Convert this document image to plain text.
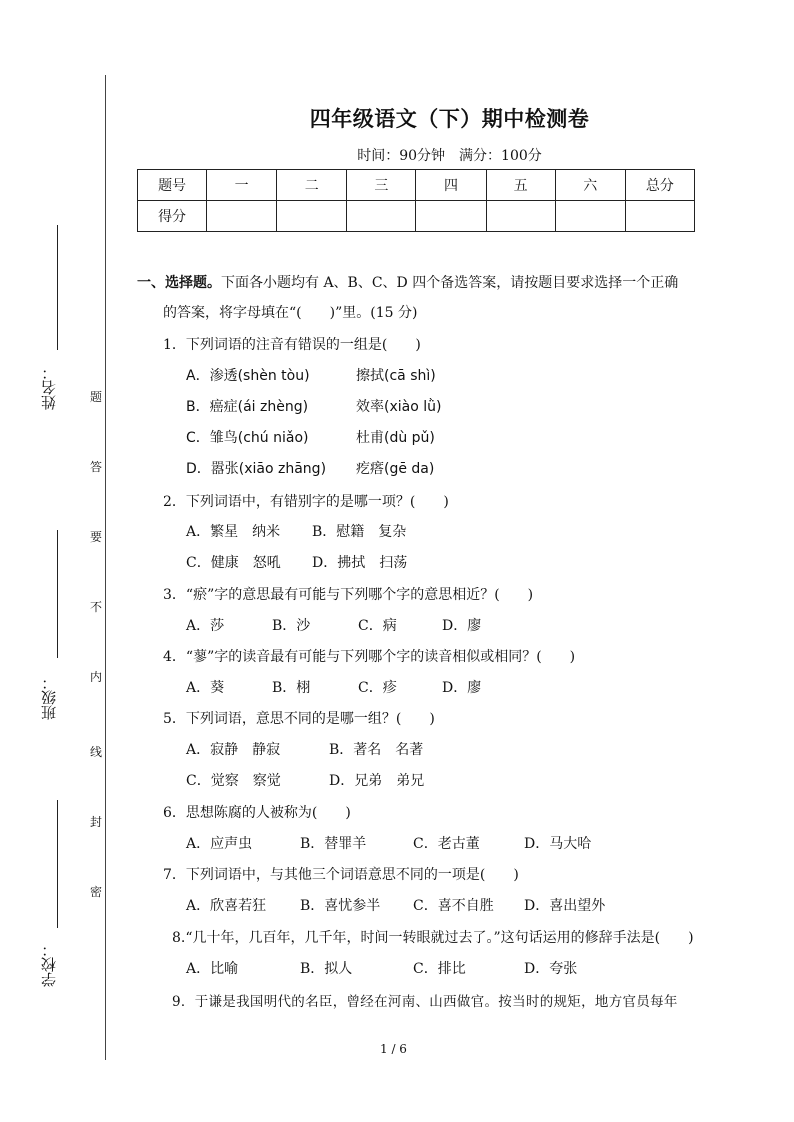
姓名：
班级：
学校：
题
答
要
不
内
线
封
密
四年级语文（下）期中检测卷
时间：90分钟　满分：100分
题号	一	二	三	四	五	六	总分
得分							
一、选择题。下面各小题均有 A、B、C、D 四个备选答案，请按题目要求选择一个正确
的答案，将字母填在“(　　)”里。(15 分)
1．下列词语的注音有错误的一组是(　　)
A．渗透(shèn tòu)	擦拭(cā shì)
B．癌症(ái zhèng)	效率(xiào lǜ)
C．雏鸟(chú niǎo)	杜甫(dù pǔ)
D．嚣张(xiāo zhāng) 疙瘩(gē da)
2．下列词语中，有错别字的是哪一项？(　　)
A．繁星　纳米 B．慰籍　复杂
C．健康　怒吼 D．拂拭　扫荡
3．“瘀”字的意思最有可能与下列哪个字的意思相近？(　　)
A．莎	B．沙	C．病	D．廖
4．“蓼”字的读音最有可能与下列哪个字的读音相似或相同？(　　)
A．葵	B．栩	C．疹	D．廖
5．下列词语，意思不同的是哪一组？(　　)
A．寂静　静寂	B．著名　名著
C．觉察　察觉	D．兄弟　弟兄
6．思想陈腐的人被称为(　　)
A．应声虫	B．替罪羊	C．老古董	D．马大哈
7．下列词语中，与其他三个词语意思不同的一项是(　　)
A．欣喜若狂 B．喜忧参半 C．喜不自胜 D．喜出望外
8.“几十年，几百年，几千年，时间一转眼就过去了。”这句话运用的修辞手法是(　　)
A．比喻	B．拟人	C．排比	D．夸张
9．于谦是我国明代的名臣，曾经在河南、山西做官。按当时的规矩，地方官员每年
1 / 6
